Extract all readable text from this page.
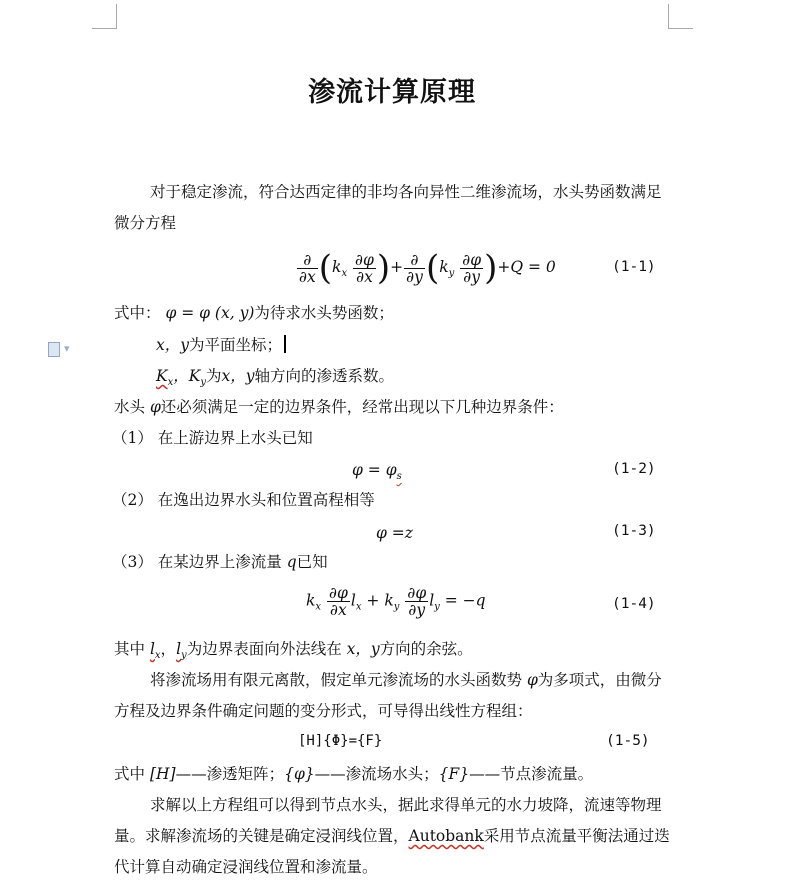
▾
渗流计算原理
对于稳定渗流，符合达西定律的非均各向异性二维渗流场，水头势函数满足微分方程
$\frac{\partial}{\partial x} (k_x \frac{\partial\varphi}{\partial x}$ )+ $\frac{\partial}{\partial y} (k_y \frac{\partial\varphi}{\partial y} )+Q = 0$	(1-1)
式中： φ = φ (x, y)为待求水头势函数；
x，y为平面坐标；
$K_x$，$K_y$为x，y轴方向的渗透系数。
水头 φ还必须满足一定的边界条件，经常出现以下几种边界条件：
（1） 在上游边界上水头已知
$\varphi = \varphi_s$	(1-2)
（2） 在逸出边界水头和位置高程相等
φ =z	(1-3)
（3） 在某边界上渗流量 q已知
$k_x \frac{\partial\varphi}{\partial x} l_x + k_y \frac{\partial\varphi}{\partial y} l_y = -q$	(1-4)
其中 $l_x$，$l_y$为边界表面向外法线在 x，y方向的余弦。
将渗流场用有限元离散，假定单元渗流场的水头函数势 φ为多项式，由微分方程及边界条件确定问题的变分形式，可导得出线性方程组：
[H]{Φ}={F}	(1-5)
式中 [H]——渗透矩阵；{φ}——渗流场水头；{F}——节点渗流量。
求解以上方程组可以得到节点水头，据此求得单元的水力坡降，流速等物理量。求解渗流场的关键是确定浸润线位置，Autobank采用节点流量平衡法通过迭代计算自动确定浸润线位置和渗流量。
